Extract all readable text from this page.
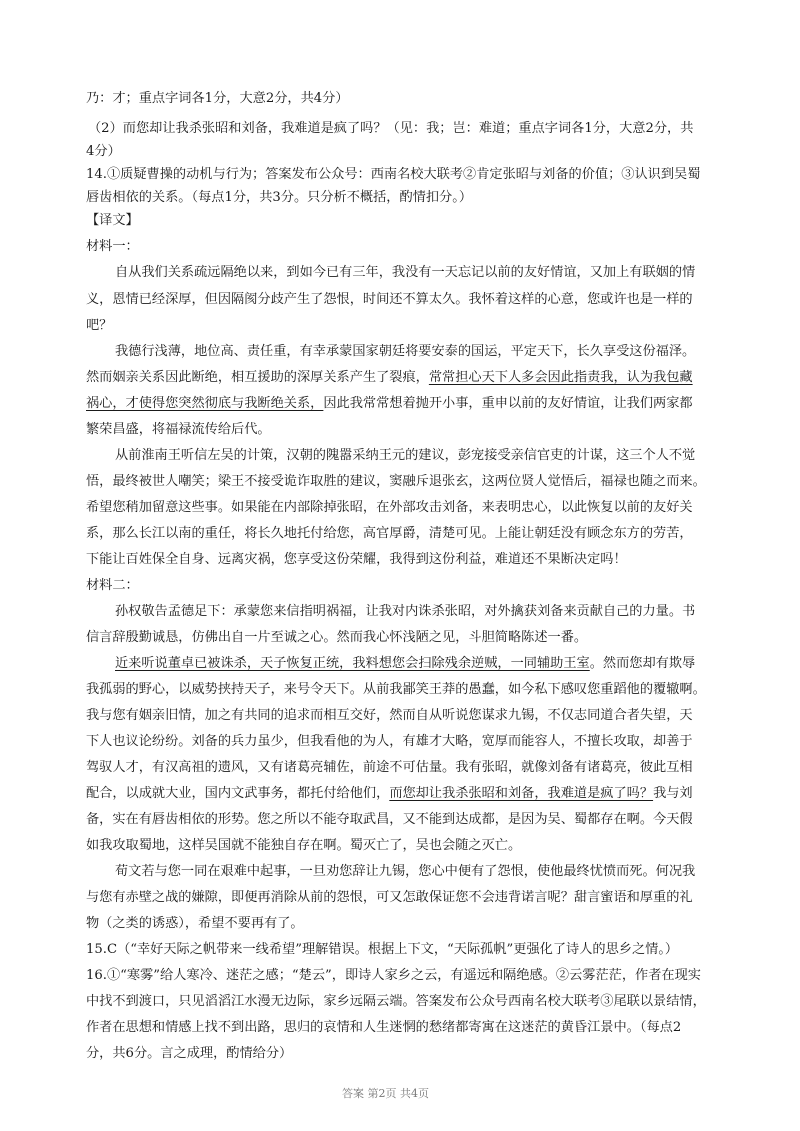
乃：才；重点字词各1分，大意2分，共4分）
（2）而您却让我杀张昭和刘备，我难道是疯了吗？（见：我；岂：难道；重点字词各1分，大意2分，共
4分）
14.①质疑曹操的动机与行为；答案发布公众号：西南名校大联考②肯定张昭与刘备的价值；③认识到吴蜀
唇齿相依的关系。（每点1分，共3分。只分析不概括，酌情扣分。）
【译文】
材料一：
自从我们关系疏远隔绝以来，到如今已有三年，我没有一天忘记以前的友好情谊，又加上有联姻的情
义，恩情已经深厚，但因隔阂分歧产生了怨恨，时间还不算太久。我怀着这样的心意，您或许也是一样的
吧？
我德行浅薄，地位高、责任重，有幸承蒙国家朝廷将要安泰的国运，平定天下，长久享受这份福泽。
然而姻亲关系因此断绝，相互援助的深厚关系产生了裂痕，常常担心天下人多会因此指责我，认为我包藏
祸心，才使得您突然彻底与我断绝关系，因此我常常想着抛开小事，重申以前的友好情谊，让我们两家都
繁荣昌盛，将福禄流传给后代。
从前淮南王听信左吴的计策，汉朝的隗嚣采纳王元的建议，彭宠接受亲信官吏的计谋，这三个人不觉
悟，最终被世人嘲笑；梁王不接受诡诈取胜的建议，窦融斥退张玄，这两位贤人觉悟后，福禄也随之而来。
希望您稍加留意这些事。如果能在内部除掉张昭，在外部攻击刘备，来表明忠心，以此恢复以前的友好关
系，那么长江以南的重任，将长久地托付给您，高官厚爵，清楚可见。上能让朝廷没有顾念东方的劳苦，
下能让百姓保全自身、远离灾祸，您享受这份荣耀，我得到这份利益，难道还不果断决定吗！
材料二：
孙权敬告孟德足下：承蒙您来信指明祸福，让我对内诛杀张昭，对外擒获刘备来贡献自己的力量。书
信言辞殷勤诚恳，仿佛出自一片至诚之心。然而我心怀浅陋之见，斗胆简略陈述一番。
近来听说董卓已被诛杀，天子恢复正统，我料想您会扫除残余逆贼，一同辅助王室。然而您却有欺辱
我孤弱的野心，以威势挟持天子，来号令天下。从前我鄙笑王莽的愚蠢，如今私下感叹您重蹈他的覆辙啊。
我与您有姻亲旧情，加之有共同的追求而相互交好，然而自从听说您谋求九锡，不仅志同道合者失望，天
下人也议论纷纷。刘备的兵力虽少，但我看他的为人，有雄才大略，宽厚而能容人，不擅长攻取，却善于
驾驭人才，有汉高祖的遗风，又有诸葛亮辅佐，前途不可估量。我有张昭，就像刘备有诸葛亮，彼此互相
配合，以成就大业，国内文武事务，都托付给他们，而您却让我杀张昭和刘备，我难道是疯了吗？我与刘
备，实在有唇齿相依的形势。您之所以不能夺取武昌，又不能到达成都，是因为吴、蜀都存在啊。今天假
如我攻取蜀地，这样吴国就不能独自存在啊。蜀灭亡了，吴也会随之灭亡。
荀文若与您一同在艰难中起事，一旦劝您辞让九锡，您心中便有了怨恨，使他最终忧愤而死。何况我
与您有赤壁之战的嫌隙，即便再消除从前的怨恨，可又怎敢保证您不会违背诺言呢？甜言蜜语和厚重的礼
物（之类的诱惑），希望不要再有了。
15.C（“幸好天际之帆带来一线希望”理解错误。根据上下文，“天际孤帆”更强化了诗人的思乡之情。）
16.①“寒雾”给人寒冷、迷茫之感；“楚云”，即诗人家乡之云，有遥远和隔绝感。②云雾茫茫，作者在现实
中找不到渡口，只见滔滔江水漫无边际，家乡远隔云端。答案发布公众号西南名校大联考③尾联以景结情，
作者在思想和情感上找不到出路，思归的哀情和人生迷惘的愁绪都寄寓在这迷茫的黄昏江景中。（每点2
分，共6分。言之成理，酌情给分）
答案 第2页 共4页
